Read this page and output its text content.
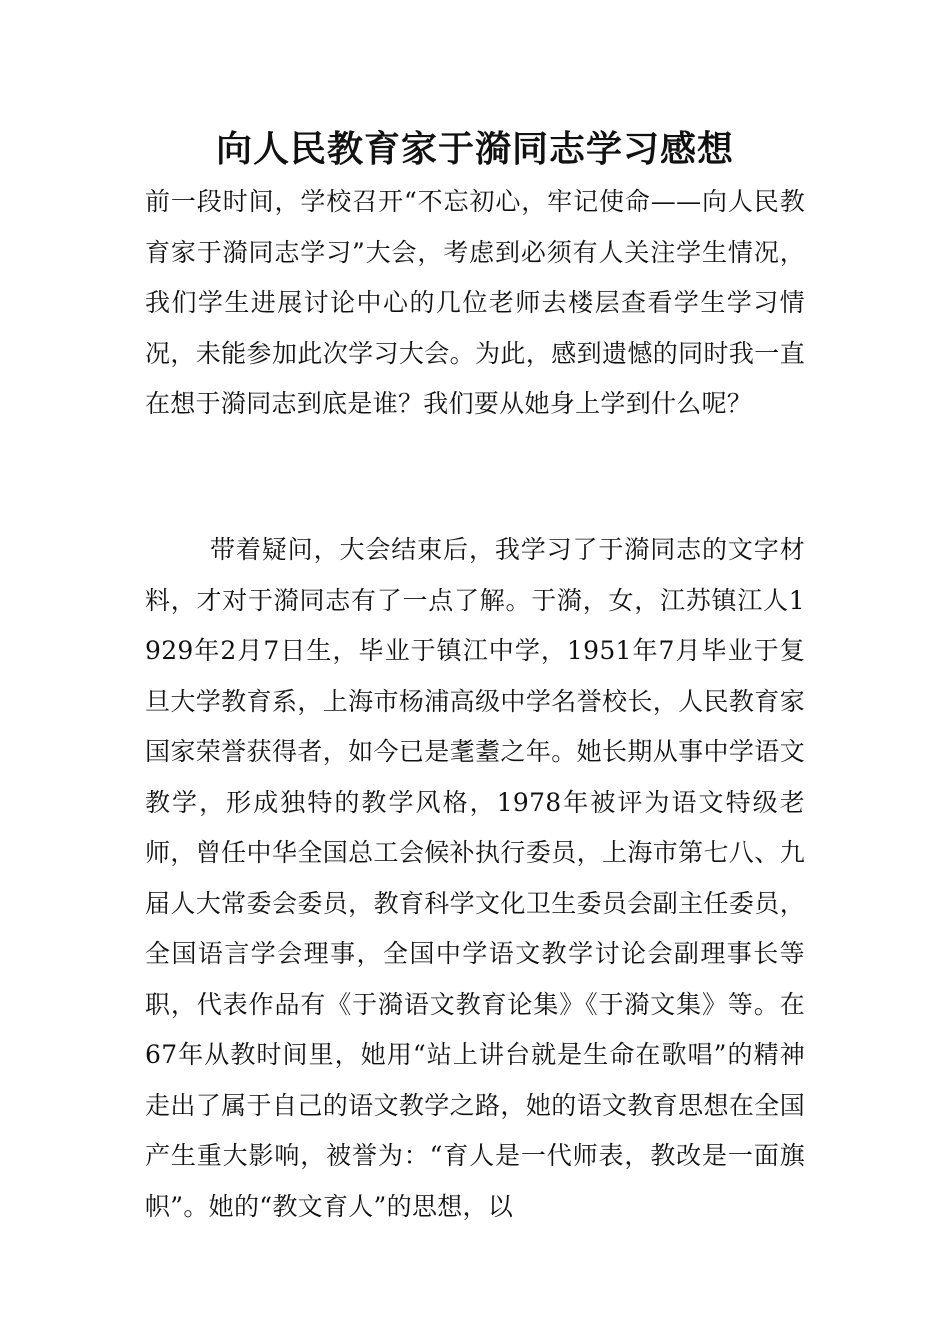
向人民教育家于漪同志学习感想

前一段时间，学校召开“不忘初心，牢记使命——向人民教育家于漪同志学习”大会，考虑到必须有人关注学生情况，我们学生进展讨论中心的几位老师去楼层查看学生学习情况，未能参加此次学习大会。为此，感到遗憾的同时我一直在想于漪同志到底是谁？我们要从她身上学到什么呢？

带着疑问，大会结束后，我学习了于漪同志的文字材料，才对于漪同志有了一点了解。于漪，女，江苏镇江人1929年2月7日生，毕业于镇江中学，1951年7月毕业于复旦大学教育系，上海市杨浦高级中学名誉校长，人民教育家国家荣誉获得者，如今已是耄耋之年。她长期从事中学语文教学，形成独特的教学风格，1978年被评为语文特级老师，曾任中华全国总工会候补执行委员，上海市第七八、九届人大常委会委员，教育科学文化卫生委员会副主任委员，全国语言学会理事，全国中学语文教学讨论会副理事长等职，代表作品有《于漪语文教育论集》《于漪文集》等。在67年从教时间里，她用“站上讲台就是生命在歌唱”的精神走出了属于自己的语文教学之路，她的语文教育思想在全国产生重大影响，被誉为：“育人是一代师表，教改是一面旗帜”。她的“教文育人”的思想，以
